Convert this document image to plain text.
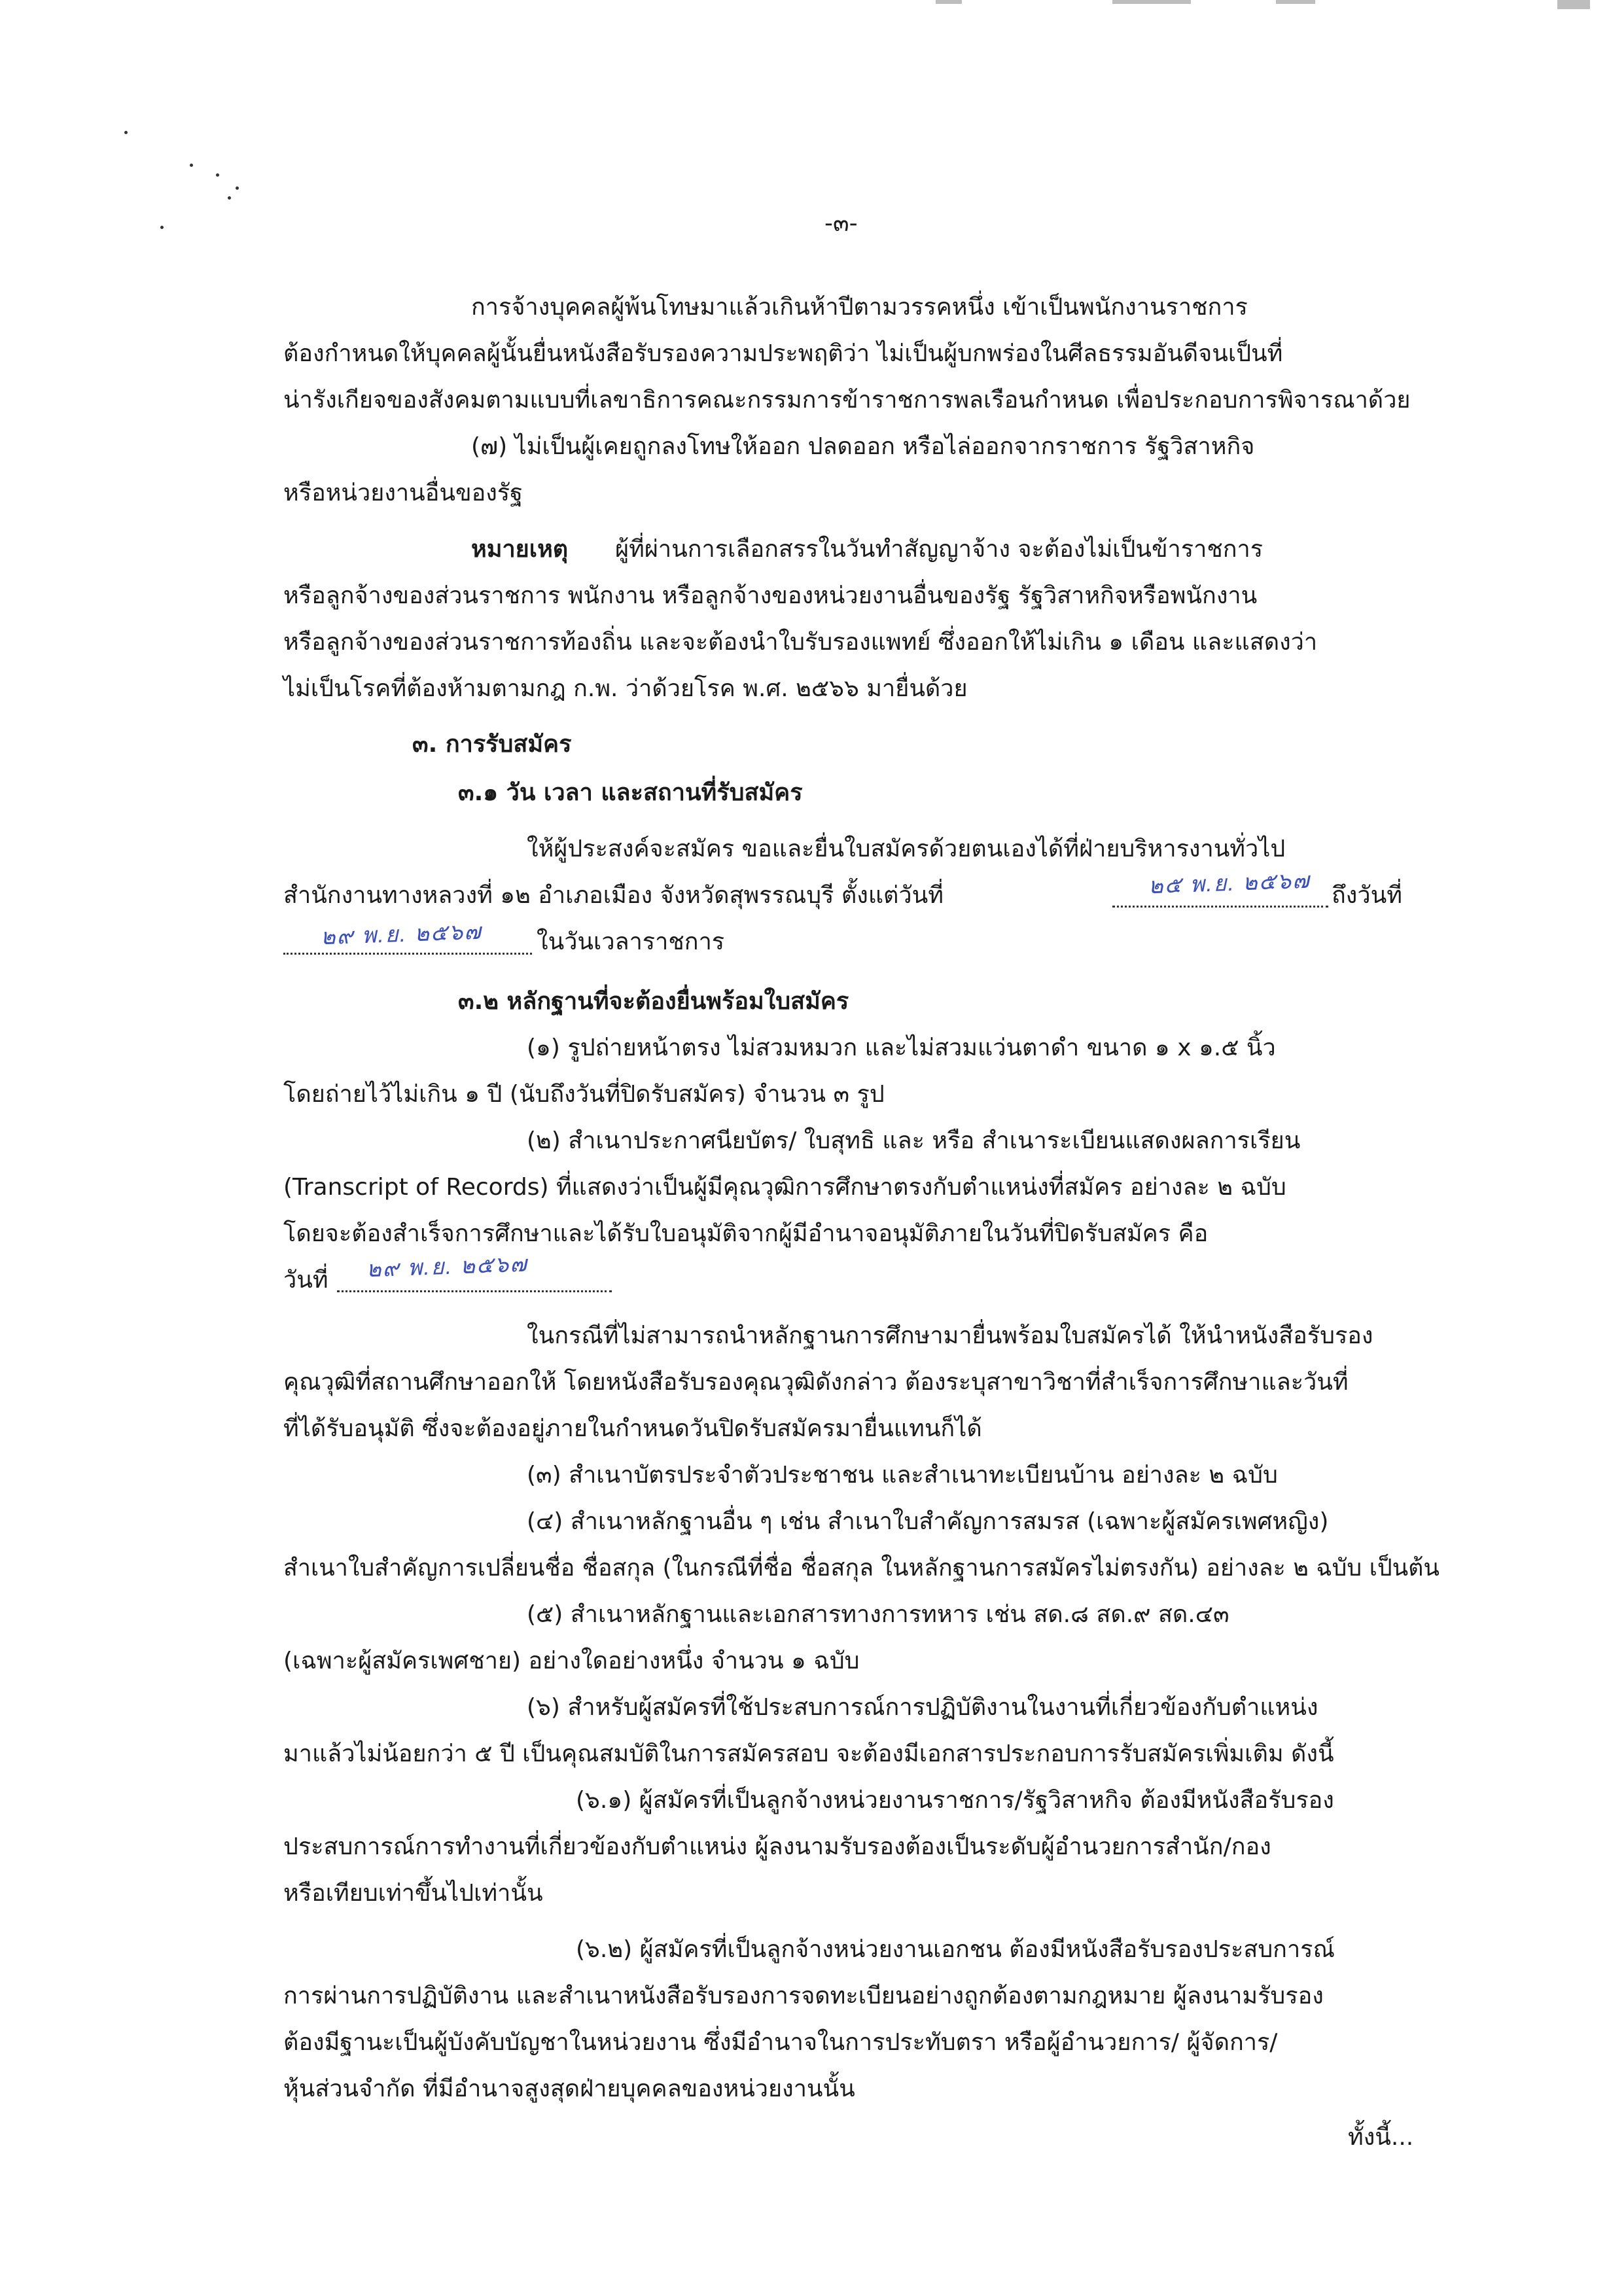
-๓-
การจ้างบุคคลผู้พ้นโทษมาแล้วเกินห้าปีตามวรรคหนึ่ง เข้าเป็นพนักงานราชการ
ต้องกำหนดให้บุคคลผู้นั้นยื่นหนังสือรับรองความประพฤติว่า ไม่เป็นผู้บกพร่องในศีลธรรมอันดีจนเป็นที่
น่ารังเกียจของสังคมตามแบบที่เลขาธิการคณะกรรมการข้าราชการพลเรือนกำหนด เพื่อประกอบการพิจารณาด้วย
(๗) ไม่เป็นผู้เคยถูกลงโทษให้ออก ปลดออก หรือไล่ออกจากราชการ รัฐวิสาหกิจ
หรือหน่วยงานอื่นของรัฐ
หมายเหตุ ผู้ที่ผ่านการเลือกสรรในวันทำสัญญาจ้าง จะต้องไม่เป็นข้าราชการ
หรือลูกจ้างของส่วนราชการ พนักงาน หรือลูกจ้างของหน่วยงานอื่นของรัฐ รัฐวิสาหกิจหรือพนักงาน
หรือลูกจ้างของส่วนราชการท้องถิ่น และจะต้องนำใบรับรองแพทย์ ซึ่งออกให้ไม่เกิน ๑ เดือน และแสดงว่า
ไม่เป็นโรคที่ต้องห้ามตามกฎ ก.พ. ว่าด้วยโรค พ.ศ. ๒๕๖๖ มายื่นด้วย
๓. การรับสมัคร
๓.๑ วัน เวลา และสถานที่รับสมัคร
ให้ผู้ประสงค์จะสมัคร ขอและยื่นใบสมัครด้วยตนเองได้ที่ฝ่ายบริหารงานทั่วไป
สำนักงานทางหลวงที่ ๑๒ อำเภอเมือง จังหวัดสุพรรณบุรี ตั้งแต่วันที่	๒๕ พ.ย. ๒๕๖๗ ถึงวันที่
๒๙ พ.ย. ๒๕๖๗ ในวันเวลาราชการ
๓.๒ หลักฐานที่จะต้องยื่นพร้อมใบสมัคร
(๑) รูปถ่ายหน้าตรง ไม่สวมหมวก และไม่สวมแว่นตาดำ ขนาด ๑ x ๑.๕ นิ้ว
โดยถ่ายไว้ไม่เกิน ๑ ปี (นับถึงวันที่ปิดรับสมัคร) จำนวน ๓ รูป
(๒) สำเนาประกาศนียบัตร/ ใบสุทธิ และ หรือ สำเนาระเบียนแสดงผลการเรียน
(Transcript of Records) ที่แสดงว่าเป็นผู้มีคุณวุฒิการศึกษาตรงกับตำแหน่งที่สมัคร อย่างละ ๒ ฉบับ
โดยจะต้องสำเร็จการศึกษาและได้รับใบอนุมัติจากผู้มีอำนาจอนุมัติภายในวันที่ปิดรับสมัคร คือ
วันที่ ๒๙ พ.ย. ๒๕๖๗
ในกรณีที่ไม่สามารถนำหลักฐานการศึกษามายื่นพร้อมใบสมัครได้ ให้นำหนังสือรับรอง
คุณวุฒิที่สถานศึกษาออกให้ โดยหนังสือรับรองคุณวุฒิดังกล่าว ต้องระบุสาขาวิชาที่สำเร็จการศึกษาและวันที่
ที่ได้รับอนุมัติ ซึ่งจะต้องอยู่ภายในกำหนดวันปิดรับสมัครมายื่นแทนก็ได้
(๓) สำเนาบัตรประจำตัวประชาชน และสำเนาทะเบียนบ้าน อย่างละ ๒ ฉบับ
(๔) สำเนาหลักฐานอื่น ๆ เช่น สำเนาใบสำคัญการสมรส (เฉพาะผู้สมัครเพศหญิง)
สำเนาใบสำคัญการเปลี่ยนชื่อ ชื่อสกุล (ในกรณีที่ชื่อ ชื่อสกุล ในหลักฐานการสมัครไม่ตรงกัน) อย่างละ ๒ ฉบับ เป็นต้น
(๕) สำเนาหลักฐานและเอกสารทางการทหาร เช่น สด.๘ สด.๙ สด.๔๓
(เฉพาะผู้สมัครเพศชาย) อย่างใดอย่างหนึ่ง จำนวน ๑ ฉบับ
(๖) สำหรับผู้สมัครที่ใช้ประสบการณ์การปฏิบัติงานในงานที่เกี่ยวข้องกับตำแหน่ง
มาแล้วไม่น้อยกว่า ๕ ปี เป็นคุณสมบัติในการสมัครสอบ จะต้องมีเอกสารประกอบการรับสมัครเพิ่มเติม ดังนี้
(๖.๑) ผู้สมัครที่เป็นลูกจ้างหน่วยงานราชการ/รัฐวิสาหกิจ ต้องมีหนังสือรับรอง
ประสบการณ์การทำงานที่เกี่ยวข้องกับตำแหน่ง ผู้ลงนามรับรองต้องเป็นระดับผู้อำนวยการสำนัก/กอง
หรือเทียบเท่าขึ้นไปเท่านั้น
(๖.๒) ผู้สมัครที่เป็นลูกจ้างหน่วยงานเอกชน ต้องมีหนังสือรับรองประสบการณ์
การผ่านการปฏิบัติงาน และสำเนาหนังสือรับรองการจดทะเบียนอย่างถูกต้องตามกฎหมาย ผู้ลงนามรับรอง
ต้องมีฐานะเป็นผู้บังคับบัญชาในหน่วยงาน ซึ่งมีอำนาจในการประทับตรา หรือผู้อำนวยการ/ ผู้จัดการ/
หุ้นส่วนจำกัด ที่มีอำนาจสูงสุดฝ่ายบุคคลของหน่วยงานนั้น
ทั้งนี้...
